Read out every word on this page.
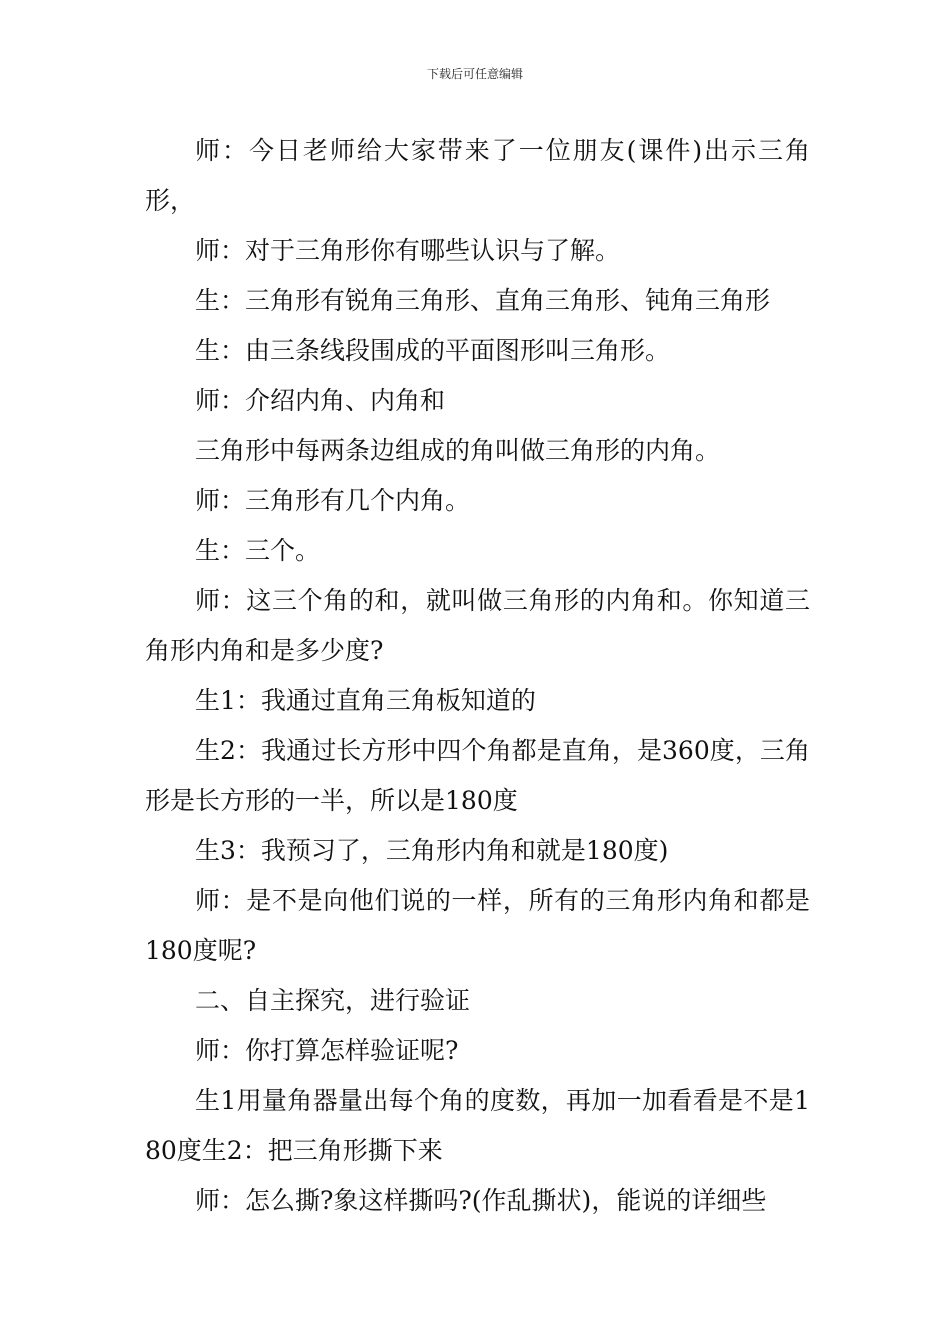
下载后可任意编辑

师：今日老师给大家带来了一位朋友(课件)出示三角形，

师：对于三角形你有哪些认识与了解。

生：三角形有锐角三角形、直角三角形、钝角三角形

生：由三条线段围成的平面图形叫三角形。

师：介绍内角、内角和

三角形中每两条边组成的角叫做三角形的内角。

师：三角形有几个内角。

生：三个。

师：这三个角的和，就叫做三角形的内角和。你知道三角形内角和是多少度?

生1：我通过直角三角板知道的

生2：我通过长方形中四个角都是直角，是360度，三角形是长方形的一半，所以是180度

生3：我预习了，三角形内角和就是180度)

师：是不是向他们说的一样，所有的三角形内角和都是180度呢?

二、自主探究，进行验证

师：你打算怎样验证呢?

生1用量角器量出每个角的度数，再加一加看看是不是180度生2：把三角形撕下来

师：怎么撕?象这样撕吗?(作乱撕状)，能说的详细些
